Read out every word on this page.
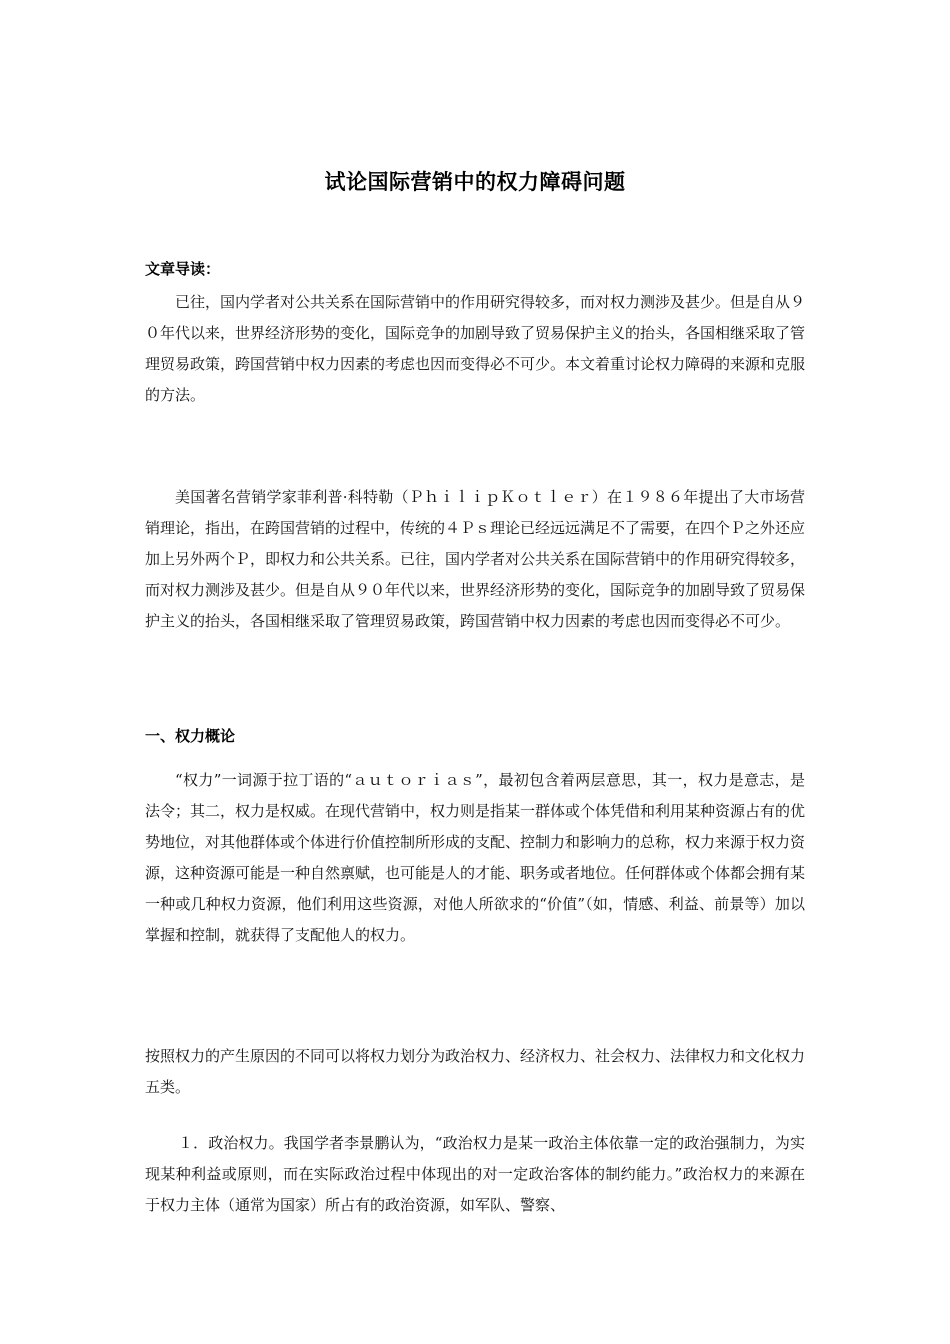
试论国际营销中的权力障碍问题
文章导读：

已往，国内学者对公共关系在国际营销中的作用研究得较多，而对权力测涉及甚少。但是自从９０年代以来，世界经济形势的变化，国际竞争的加剧导致了贸易保护主义的抬头，各国相继采取了管理贸易政策，跨国营销中权力因素的考虑也因而变得必不可少。本文着重讨论权力障碍的来源和克服的方法。

美国著名营销学家菲利普·科特勒（ＰｈｉｌｉｐＫｏｔｌｅｒ）在１９８６年提出了大市场营销理论，指出，在跨国营销的过程中，传统的４Ｐｓ理论已经远远满足不了需要，在四个Ｐ之外还应加上另外两个Ｐ，即权力和公共关系。已往，国内学者对公共关系在国际营销中的作用研究得较多，而对权力测涉及甚少。但是自从９０年代以来，世界经济形势的变化，国际竞争的加剧导致了贸易保护主义的抬头，各国相继采取了管理贸易政策，跨国营销中权力因素的考虑也因而变得必不可少。

一、权力概论

“权力”一词源于拉丁语的“ａｕｔｏｒｉａｓ”，最初包含着两层意思，其一，权力是意志，是法令；其二，权力是权威。在现代营销中，权力则是指某一群体或个体凭借和利用某种资源占有的优势地位，对其他群体或个体进行价值控制所形成的支配、控制力和影响力的总称，权力来源于权力资源，这种资源可能是一种自然禀赋，也可能是人的才能、职务或者地位。任何群体或个体都会拥有某一种或几种权力资源，他们利用这些资源，对他人所欲求的“价值”（如，情感、利益、前景等）加以掌握和控制，就获得了支配他人的权力。

按照权力的产生原因的不同可以将权力划分为政治权力、经济权力、社会权力、法律权力和文化权力五类。

１．政治权力。我国学者李景鹏认为，“政治权力是某一政治主体依靠一定的政治强制力，为实现某种利益或原则，而在实际政治过程中体现出的对一定政治客体的制约能力。”政治权力的来源在于权力主体（通常为国家）所占有的政治资源，如军队、警察、
